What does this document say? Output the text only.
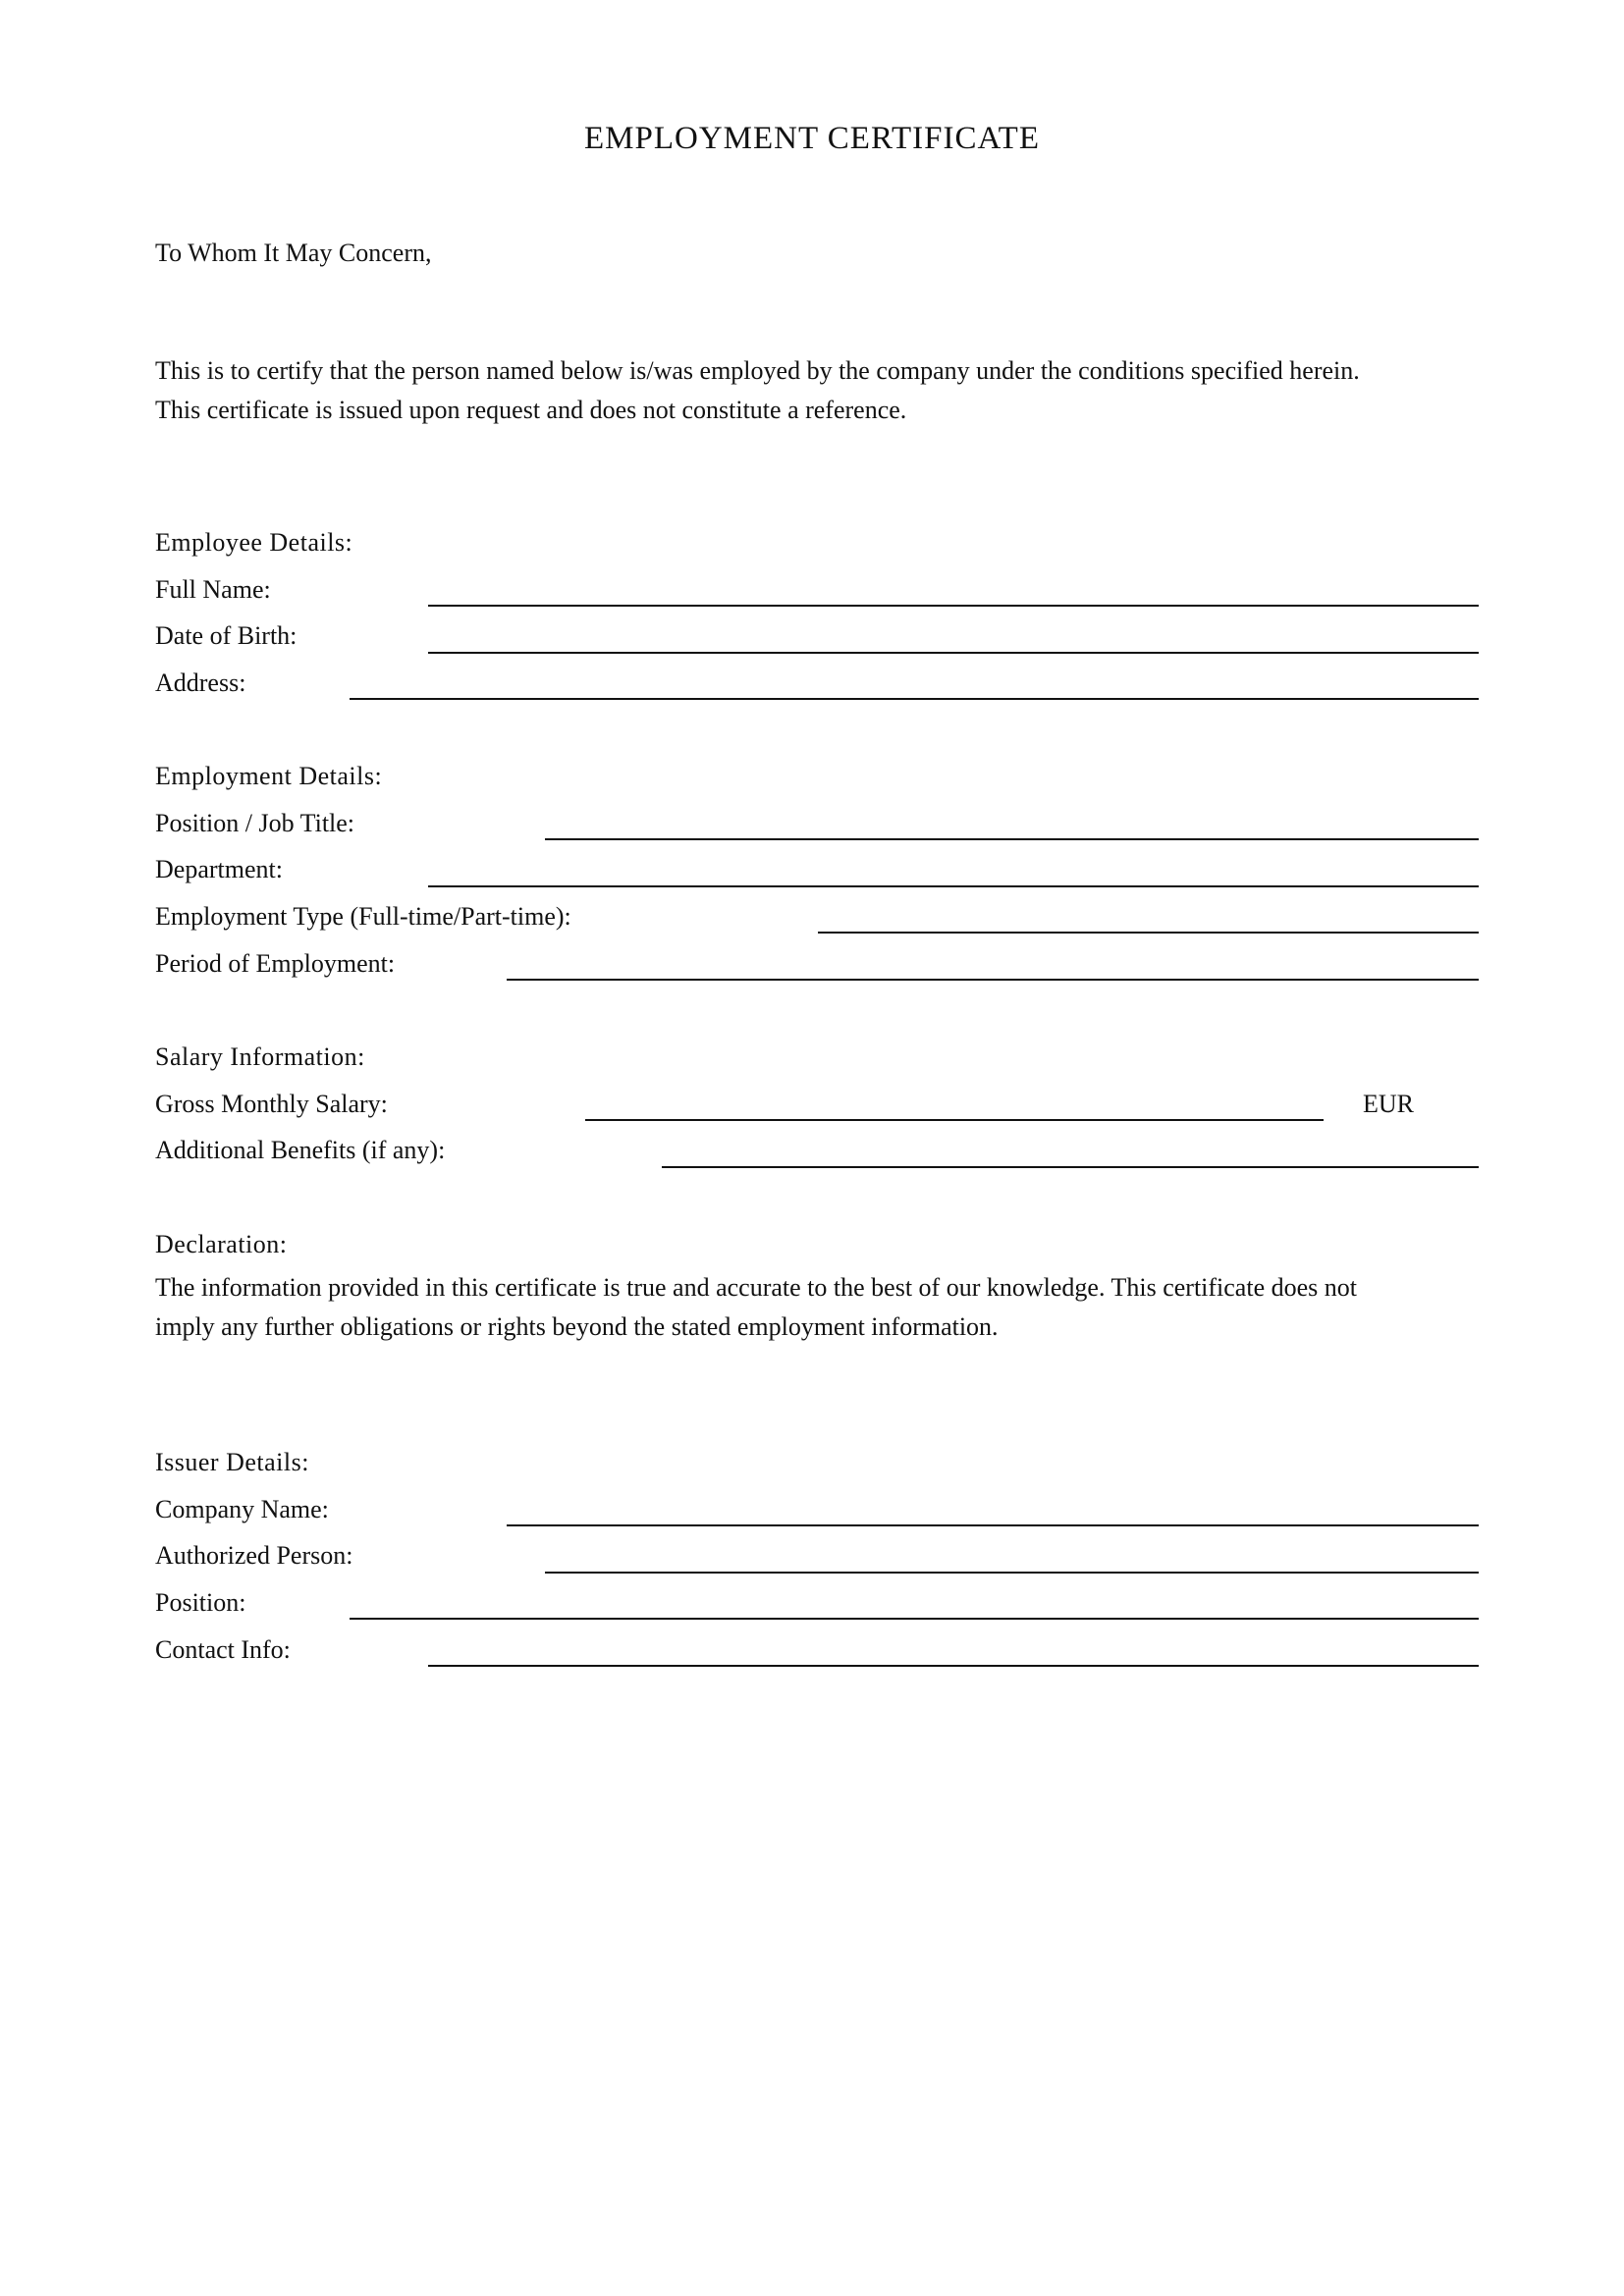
EMPLOYMENT CERTIFICATE
To Whom It May Concern,
This is to certify that the person named below is/was employed by the company under the conditions specified herein.
This certificate is issued upon request and does not constitute a reference.
Employee Details:
Full Name:
Date of Birth:
Address:
Employment Details:
Position / Job Title:
Department:
Employment Type (Full-time/Part-time):
Period of Employment:
Salary Information:
Gross Monthly Salary:	EUR
Additional Benefits (if any):
Declaration:
The information provided in this certificate is true and accurate to the best of our knowledge. This certificate does not
imply any further obligations or rights beyond the stated employment information.
Issuer Details:
Company Name:
Authorized Person:
Position:
Contact Info:
